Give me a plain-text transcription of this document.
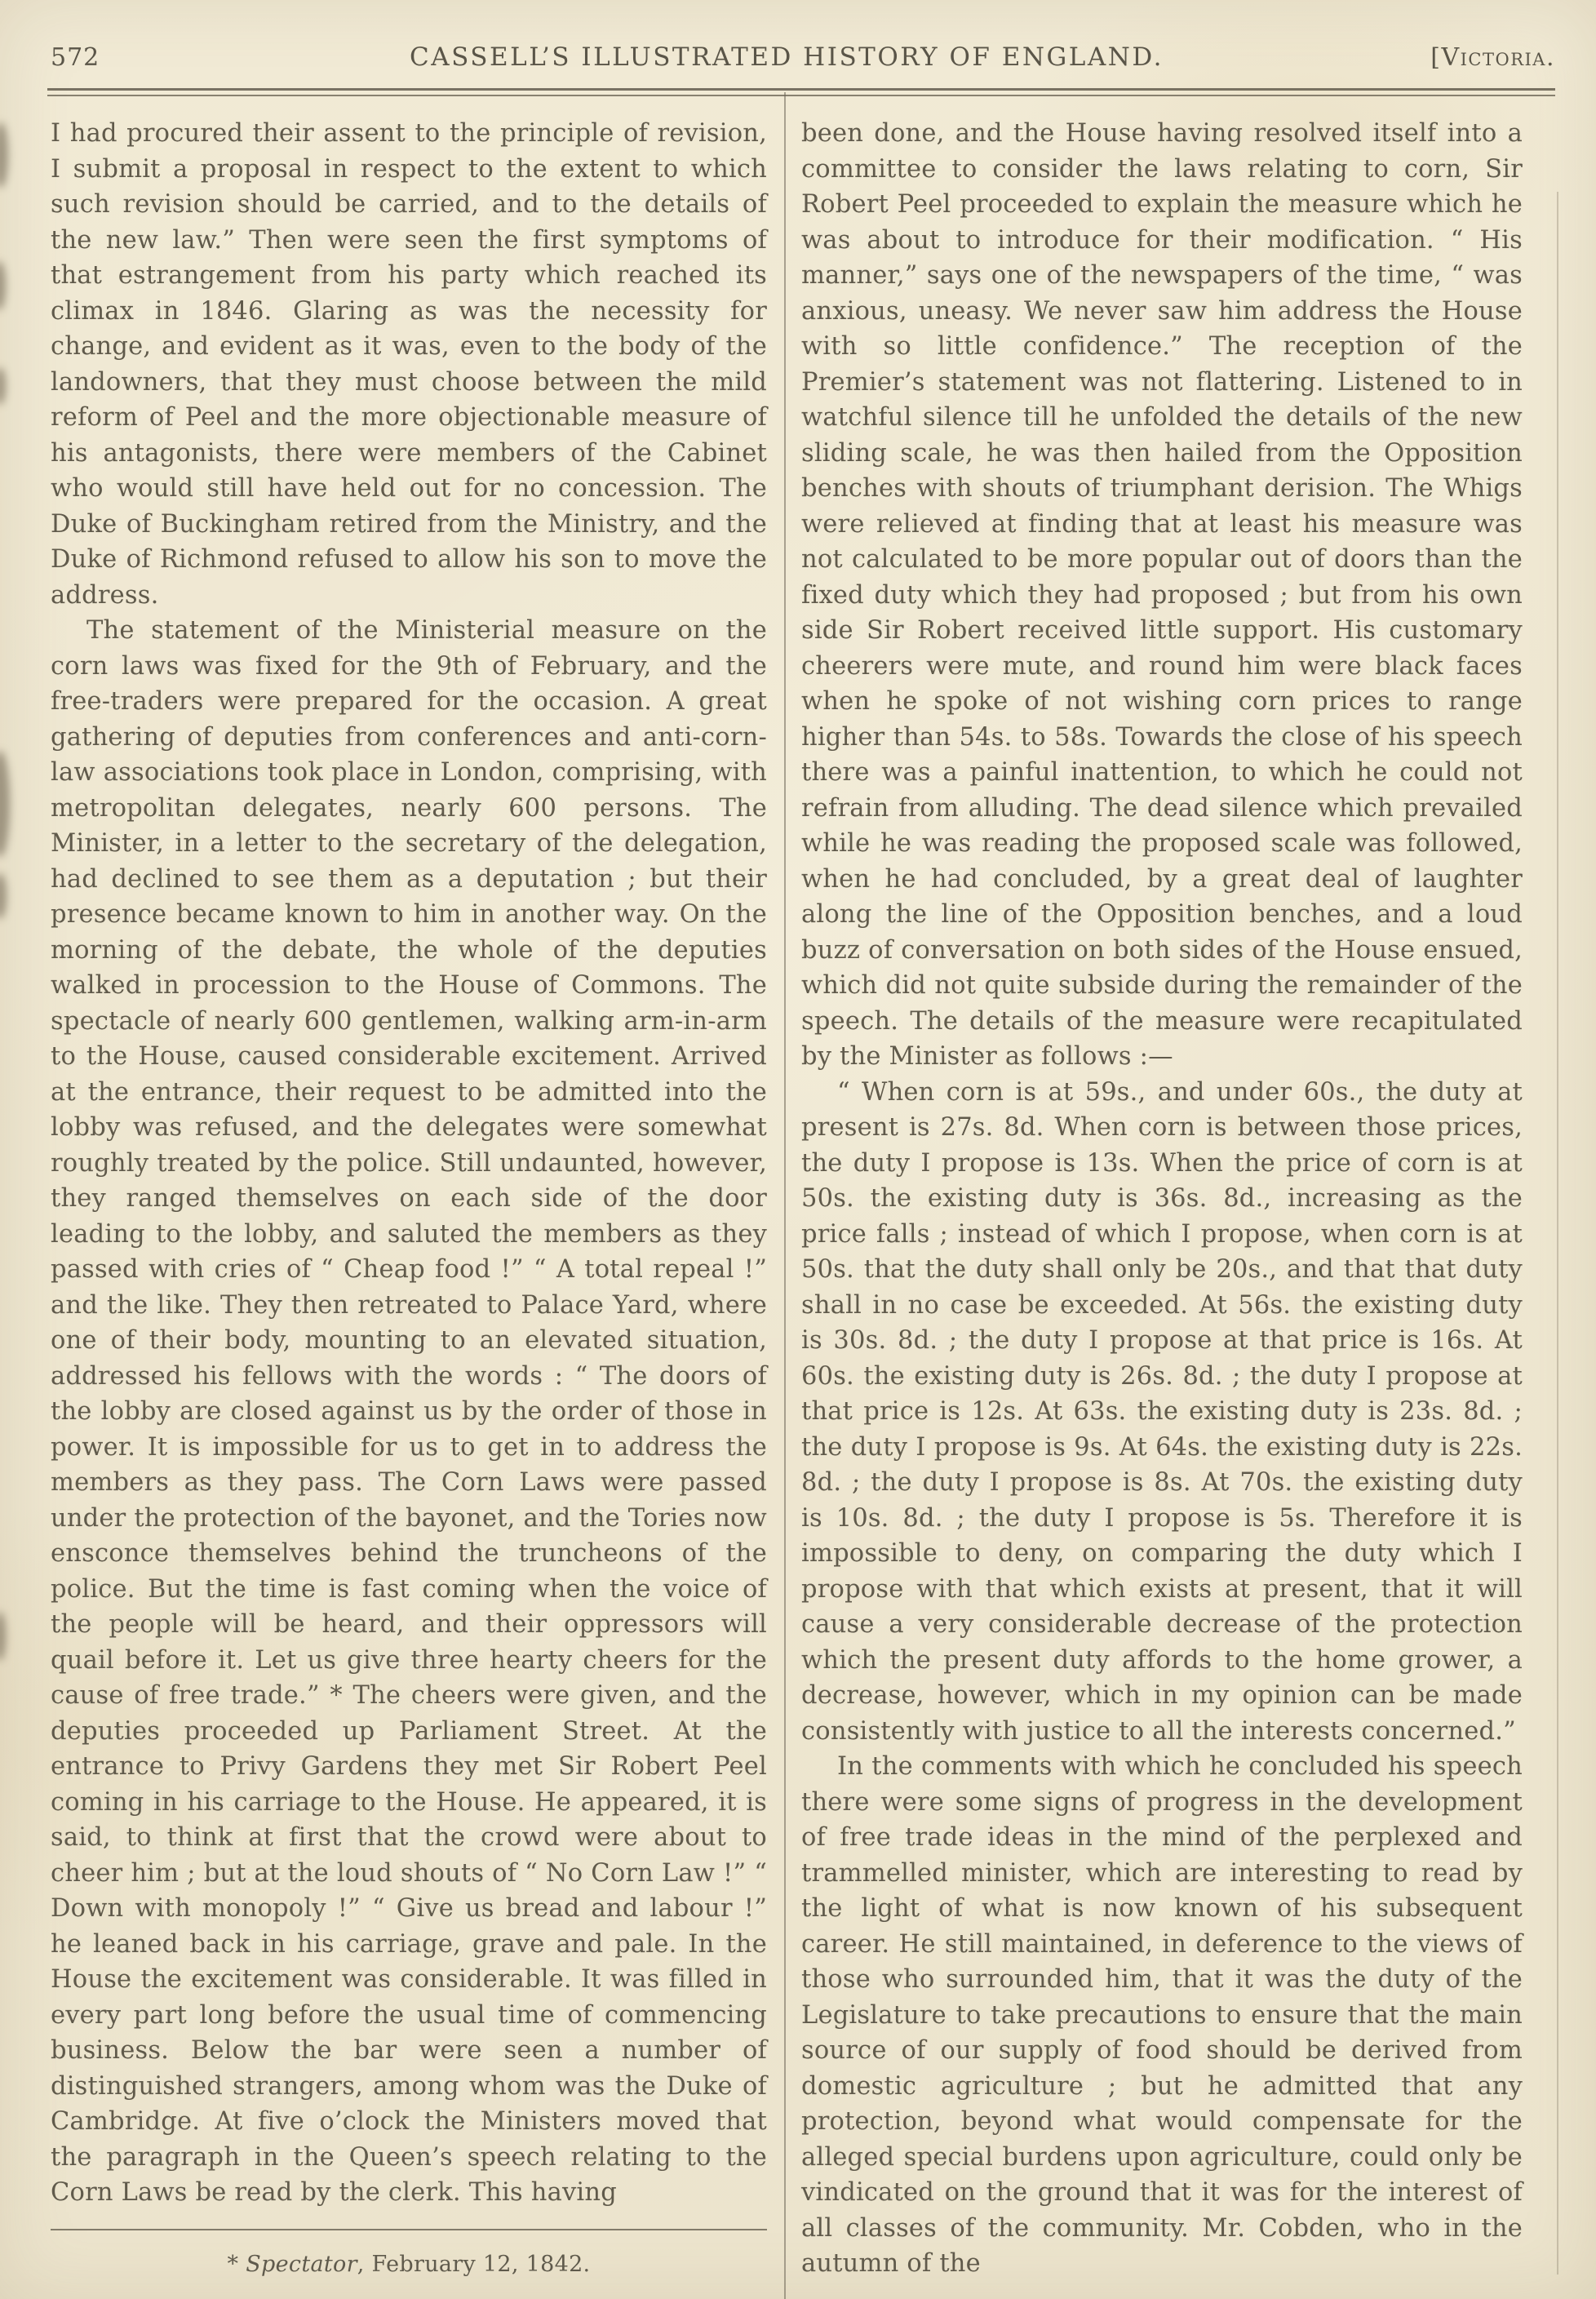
572	CASSELL’S ILLUSTRATED HISTORY OF ENGLAND.	[Victoria.

I had procured their assent to the principle of revision, I submit a proposal in respect to the extent to which such revision should be carried, and to the details of the new law.” Then were seen the first symptoms of that estrangement from his party which reached its climax in 1846. Glaring as was the necessity for change, and evident as it was, even to the body of the landowners, that they must choose between the mild reform of Peel and the more objectionable measure of his antagonists, there were members of the Cabinet who would still have held out for no concession. The Duke of Buckingham retired from the Ministry, and the Duke of Richmond refused to allow his son to move the address.

The statement of the Ministerial measure on the corn laws was fixed for the 9th of February, and the free-traders were prepared for the occasion. A great gathering of deputies from conferences and anti-corn-law associations took place in London, comprising, with metropolitan delegates, nearly 600 persons. The Minister, in a letter to the secretary of the delegation, had declined to see them as a deputation ; but their presence became known to him in another way. On the morning of the debate, the whole of the deputies walked in procession to the House of Commons. The spectacle of nearly 600 gentlemen, walking arm-in-arm to the House, caused considerable excitement. Arrived at the entrance, their request to be admitted into the lobby was refused, and the delegates were somewhat roughly treated by the police. Still undaunted, however, they ranged themselves on each side of the door leading to the lobby, and saluted the members as they passed with cries of “ Cheap food !” “ A total repeal !” and the like. They then retreated to Palace Yard, where one of their body, mounting to an elevated situation, addressed his fellows with the words : “ The doors of the lobby are closed against us by the order of those in power. It is impossible for us to get in to address the members as they pass. The Corn Laws were passed under the protection of the bayonet, and the Tories now ensconce themselves behind the truncheons of the police. But the time is fast coming when the voice of the people will be heard, and their oppressors will quail before it. Let us give three hearty cheers for the cause of free trade.” * The cheers were given, and the deputies proceeded up Parliament Street. At the entrance to Privy Gardens they met Sir Robert Peel coming in his carriage to the House. He appeared, it is said, to think at first that the crowd were about to cheer him ; but at the loud shouts of “ No Corn Law !” “ Down with monopoly !” “ Give us bread and labour !” he leaned back in his carriage, grave and pale. In the House the excitement was considerable. It was filled in every part long before the usual time of commencing business. Below the bar were seen a number of distinguished strangers, among whom was the Duke of Cambridge. At five o’clock the Ministers moved that the paragraph in the Queen’s speech relating to the Corn Laws be read by the clerk. This having

* Spectator, February 12, 1842.

been done, and the House having resolved itself into a committee to consider the laws relating to corn, Sir Robert Peel proceeded to explain the measure which he was about to introduce for their modification. “ His manner,” says one of the newspapers of the time, “ was anxious, uneasy. We never saw him address the House with so little confidence.” The reception of the Premier’s statement was not flattering. Listened to in watchful silence till he unfolded the details of the new sliding scale, he was then hailed from the Opposition benches with shouts of triumphant derision. The Whigs were relieved at finding that at least his measure was not calculated to be more popular out of doors than the fixed duty which they had proposed ; but from his own side Sir Robert received little support. His customary cheerers were mute, and round him were black faces when he spoke of not wishing corn prices to range higher than 54s. to 58s. Towards the close of his speech there was a painful inattention, to which he could not refrain from alluding. The dead silence which prevailed while he was reading the proposed scale was followed, when he had concluded, by a great deal of laughter along the line of the Opposition benches, and a loud buzz of conversation on both sides of the House ensued, which did not quite subside during the remainder of the speech. The details of the measure were recapitulated by the Minister as follows :—

“ When corn is at 59s., and under 60s., the duty at present is 27s. 8d. When corn is between those prices, the duty I propose is 13s. When the price of corn is at 50s. the existing duty is 36s. 8d., increasing as the price falls ; instead of which I propose, when corn is at 50s. that the duty shall only be 20s., and that that duty shall in no case be exceeded. At 56s. the existing duty is 30s. 8d. ; the duty I propose at that price is 16s. At 60s. the existing duty is 26s. 8d. ; the duty I propose at that price is 12s. At 63s. the existing duty is 23s. 8d. ; the duty I propose is 9s. At 64s. the existing duty is 22s. 8d. ; the duty I propose is 8s. At 70s. the existing duty is 10s. 8d. ; the duty I propose is 5s. Therefore it is impossible to deny, on comparing the duty which I propose with that which exists at present, that it will cause a very considerable decrease of the protection which the present duty affords to the home grower, a decrease, however, which in my opinion can be made consistently with justice to all the interests concerned.”

In the comments with which he concluded his speech there were some signs of progress in the development of free trade ideas in the mind of the perplexed and trammelled minister, which are interesting to read by the light of what is now known of his subsequent career. He still maintained, in deference to the views of those who surrounded him, that it was the duty of the Legislature to take precautions to ensure that the main source of our supply of food should be derived from domestic agriculture ; but he admitted that any protection, beyond what would compensate for the alleged special burdens upon agriculture, could only be vindicated on the ground that it was for the interest of all classes of the community. Mr. Cobden, who in the autumn of the
